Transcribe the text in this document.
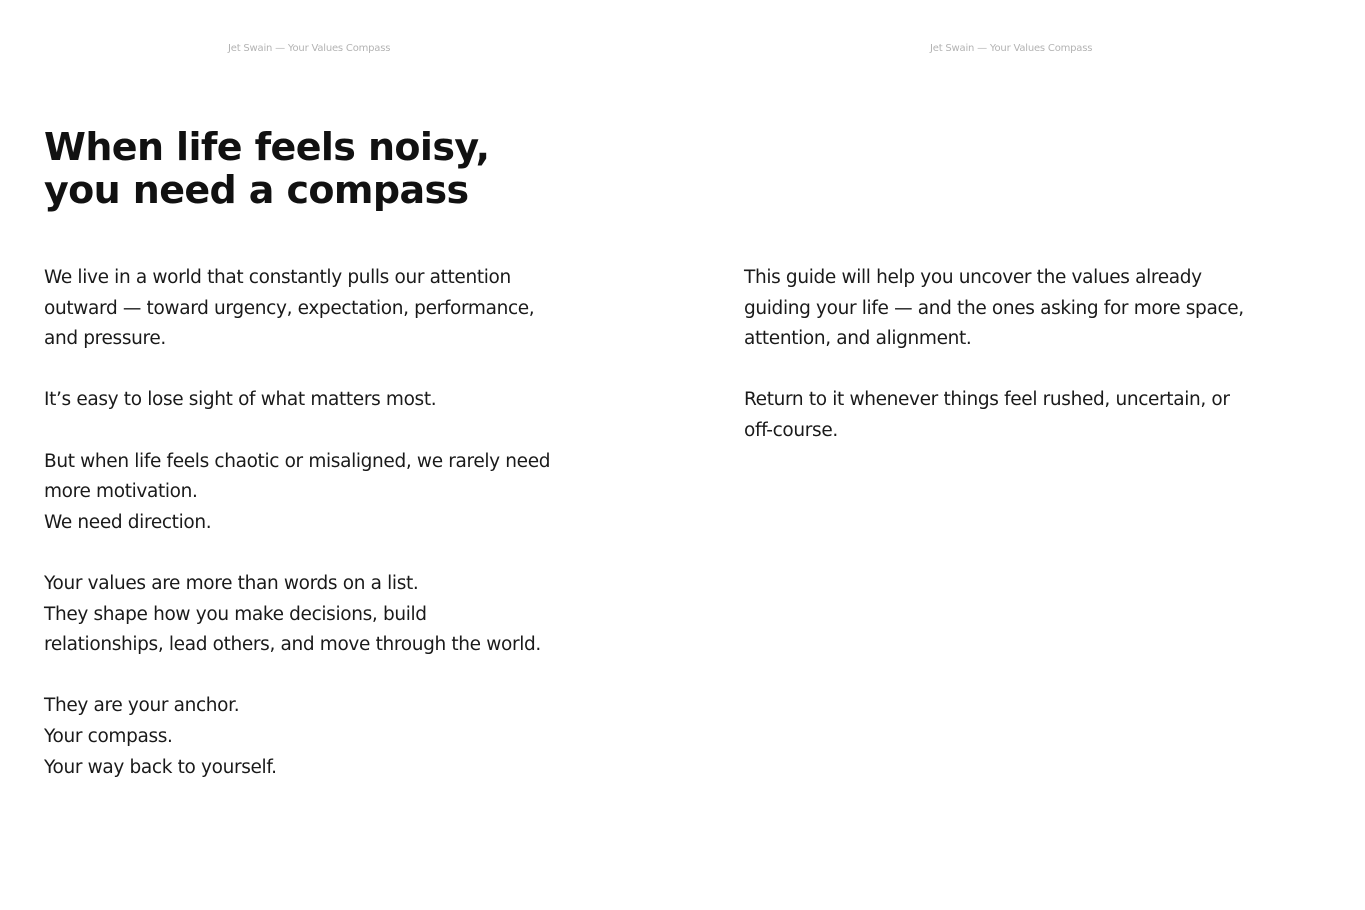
Jet Swain — Your Values Compass
When life feels noisy,
you need a compass

We live in a world that constantly pulls our attention
outward — toward urgency, expectation, performance,
and pressure.

It’s easy to lose sight of what matters most.

But when life feels chaotic or misaligned, we rarely need
more motivation.
We need direction.

Your values are more than words on a list.
They shape how you make decisions, build
relationships, lead others, and move through the world.

They are your anchor.
Your compass.
Your way back to yourself.

Jet Swain — Your Values Compass

This guide will help you uncover the values already
guiding your life — and the ones asking for more space,
attention, and alignment.

Return to it whenever things feel rushed, uncertain, or
off-course.
